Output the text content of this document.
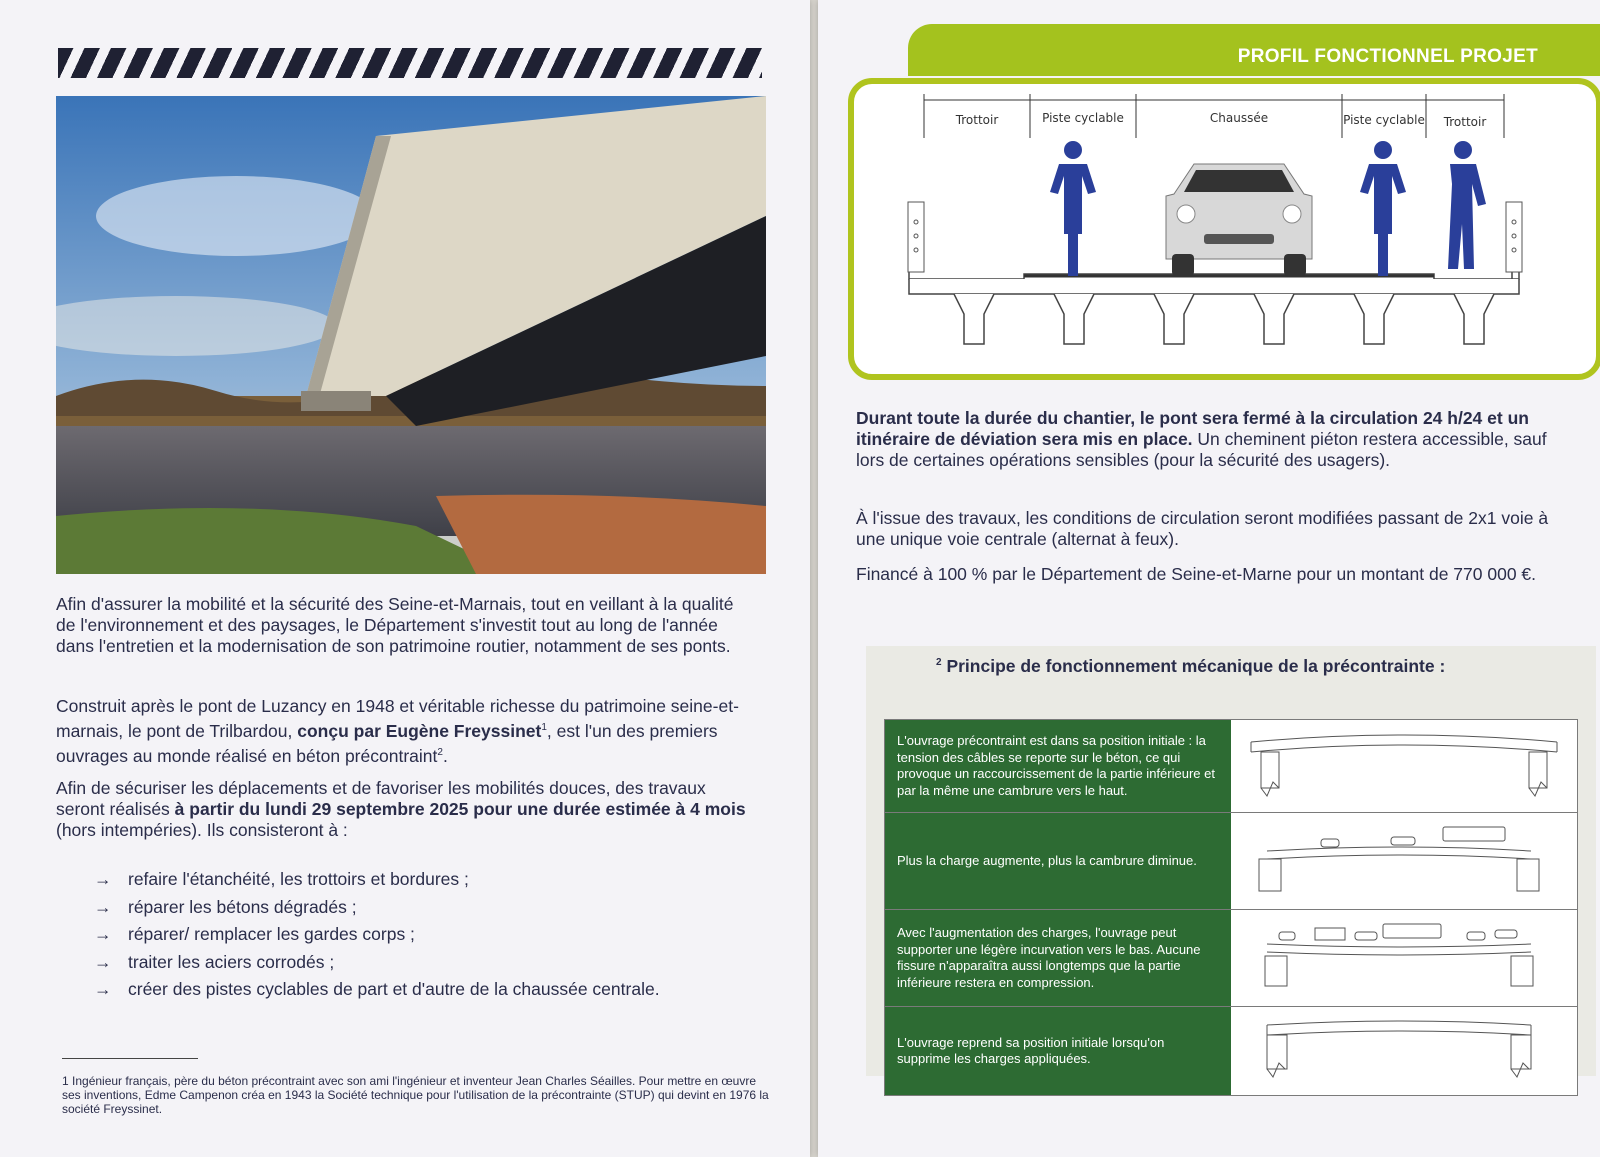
Afin d'assurer la mobilité et la sécurité des Seine-et-Marnais, tout en veillant à la qualité de l'environnement et des paysages, le Département s'investit tout au long de l'année dans l'entretien et la modernisation de son patrimoine routier, notamment de ses ponts.

Construit après le pont de Luzancy en 1948 et véritable richesse du patrimoine seine-et-marnais, le pont de Trilbardou, conçu par Eugène Freyssinet$^1$, est l'un des premiers ouvrages au monde réalisé en béton précontraint$^2$.

Afin de sécuriser les déplacements et de favoriser les mobilités douces, des travaux seront réalisés à partir du lundi 29 septembre 2025 pour une durée estimée à 4 mois (hors intempéries). Ils consisteront à :

→ refaire l'étanchéité, les trottoirs et bordures ;
→ réparer les bétons dégradés ;
→ réparer/ remplacer les gardes corps ;
→ traiter les aciers corrodés ;
→ créer des pistes cyclables de part et d'autre de la chaussée centrale.

1 Ingénieur français, père du béton précontraint avec son ami l'ingénieur et inventeur Jean Charles Séailles. Pour mettre en œuvre ses inventions, Edme Campenon créa en 1943 la Société technique pour l'utilisation de la précontrainte (STUP) qui devint en 1976 la société Freyssinet.

PROFIL FONCTIONNEL PROJET
Trottoir	Piste cyclable	Chaussée	Piste cyclable Trottoir

Durant toute la durée du chantier, le pont sera fermé à la circulation 24 h/24 et un itinéraire de déviation sera mis en place. Un cheminent piéton restera accessible, sauf lors de certaines opérations sensibles (pour la sécurité des usagers).

À l'issue des travaux, les conditions de circulation seront modifiées passant de 2x1 voie à une unique voie centrale (alternat à feux).

Financé à 100 % par le Département de Seine-et-Marne pour un montant de 770 000 €.

$^2$ Principe de fonctionnement mécanique de la précontrainte :
L'ouvrage précontraint est dans sa position initiale : la tension des câbles se reporte sur le béton, ce qui provoque un raccourcissement de la partie inférieure et par la même une cambrure vers le haut.
Plus la charge augmente, plus la cambrure diminue.
Avec l'augmentation des charges, l'ouvrage peut supporter une légère incurvation vers le bas. Aucune fissure n'apparaîtra aussi longtemps que la partie inférieure restera en compression.
L'ouvrage reprend sa position initiale lorsqu'on supprime les charges appliquées.
